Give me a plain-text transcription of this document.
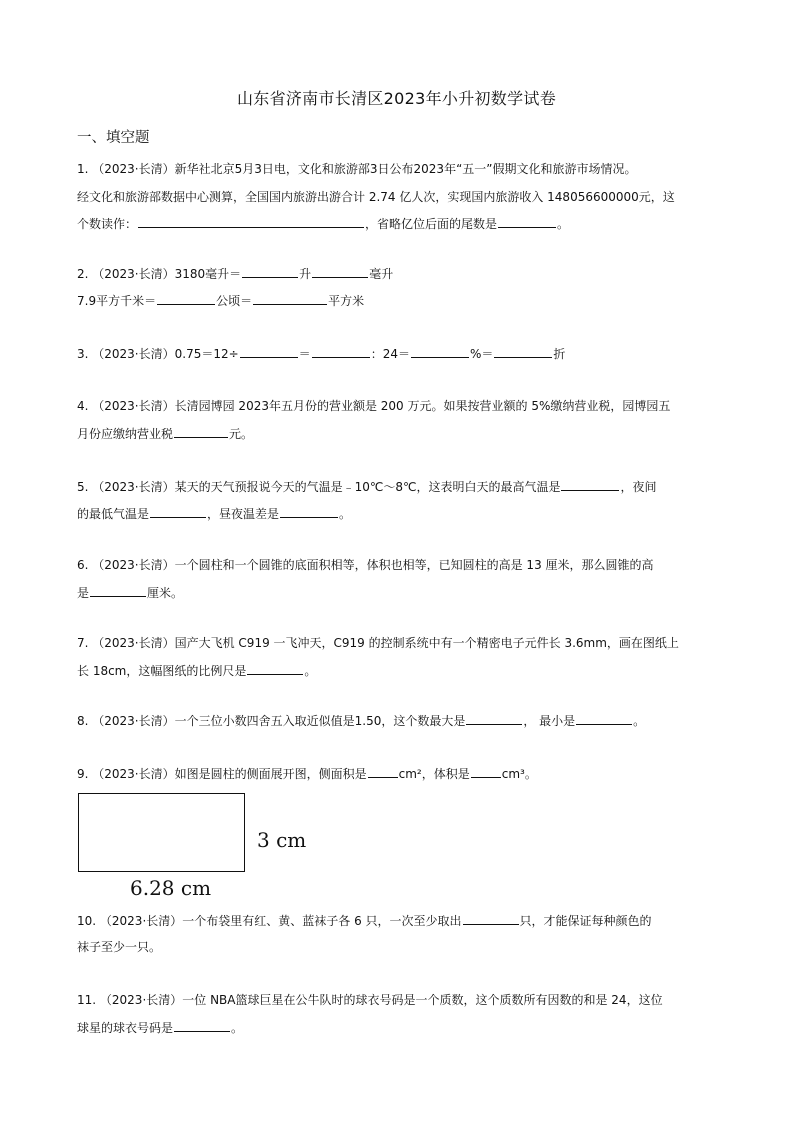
山东省济南市长清区2023年小升初数学试卷
一、填空题
1. （2023·长清）新华社北京5月3日电，文化和旅游部3日公布2023年“五一”假期文化和旅游市场情况。
经文化和旅游部数据中心测算，全国国内旅游出游合计 2.74 亿人次，实现国内旅游收入 148056600000元，这
个数读作：	，省略亿位后面的尾数是	。
2. （2023·长清）3180毫升＝	升	毫升
7.9平方千米＝	公顷＝	平方米
3. （2023·长清）0.75＝12÷	＝	：24＝	%＝	折
4. （2023·长清）长清园博园 2023年五月份的营业额是 200 万元。如果按营业额的 5%缴纳营业税，园博园五
月份应缴纳营业税	元。
5. （2023·长清）某天的天气预报说今天的气温是﹣10℃～8℃，这表明白天的最高气温是	，夜间
的最低气温是	，昼夜温差是	。
6. （2023·长清）一个圆柱和一个圆锥的底面积相等，体积也相等，已知圆柱的高是 13 厘米，那么圆锥的高
是	厘米。
7. （2023·长清）国产大飞机 C919 一飞冲天，C919 的控制系统中有一个精密电子元件长 3.6mm，画在图纸上
长 18cm，这幅图纸的比例尺是	。
8. （2023·长清）一个三位小数四舍五入取近似值是1.50，这个数最大是	， 最小是	。
9. （2023·长清）如图是圆柱的侧面展开图，侧面积是	cm²，体积是	cm³。
3 cm
6.28 cm
10. （2023·长清）一个布袋里有红、黄、蓝袜子各 6 只，一次至少取出	只，才能保证每种颜色的
袜子至少一只。
11. （2023·长清）一位 NBA篮球巨星在公牛队时的球衣号码是一个质数，这个质数所有因数的和是 24，这位
球星的球衣号码是	。
